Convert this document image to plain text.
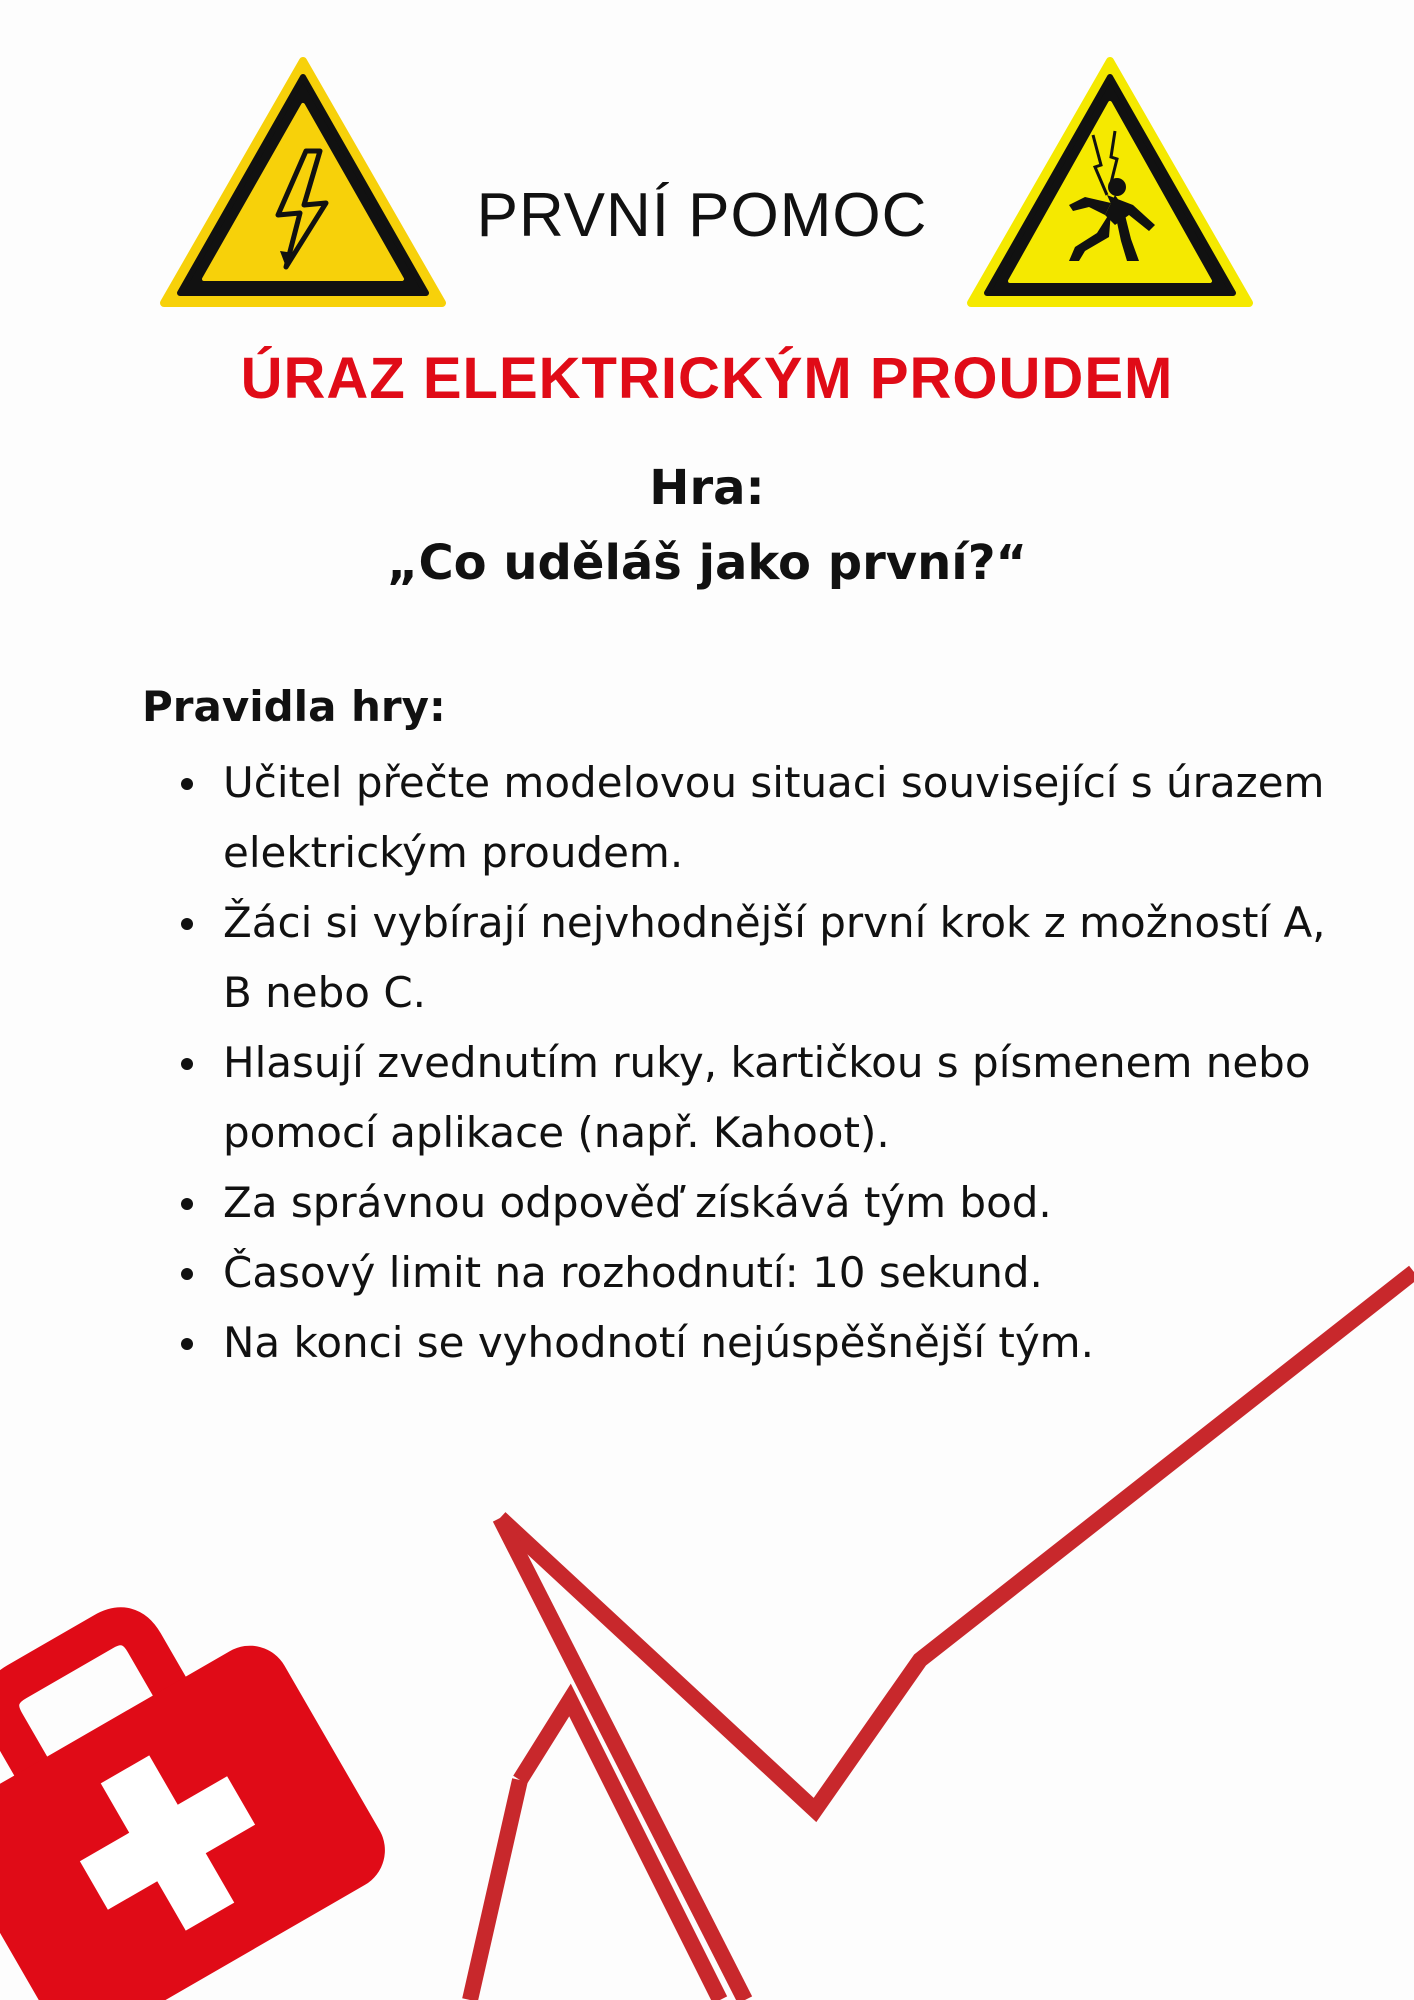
PRVNÍ POMOC
ÚRAZ ELEKTRICKÝM PROUDEM
Hra:
„Co uděláš jako první?“
Pravidla hry:
Učitel přečte modelovou situaci související s úrazem elektrickým proudem.
Žáci si vybírají nejvhodnější první krok z možností A, B nebo C.
Hlasují zvednutím ruky, kartičkou s písmenem nebo pomocí aplikace (např. Kahoot).
Za správnou odpověď získává tým bod.
Časový limit na rozhodnutí: 10 sekund.
Na konci se vyhodnotí nejúspěšnější tým.
